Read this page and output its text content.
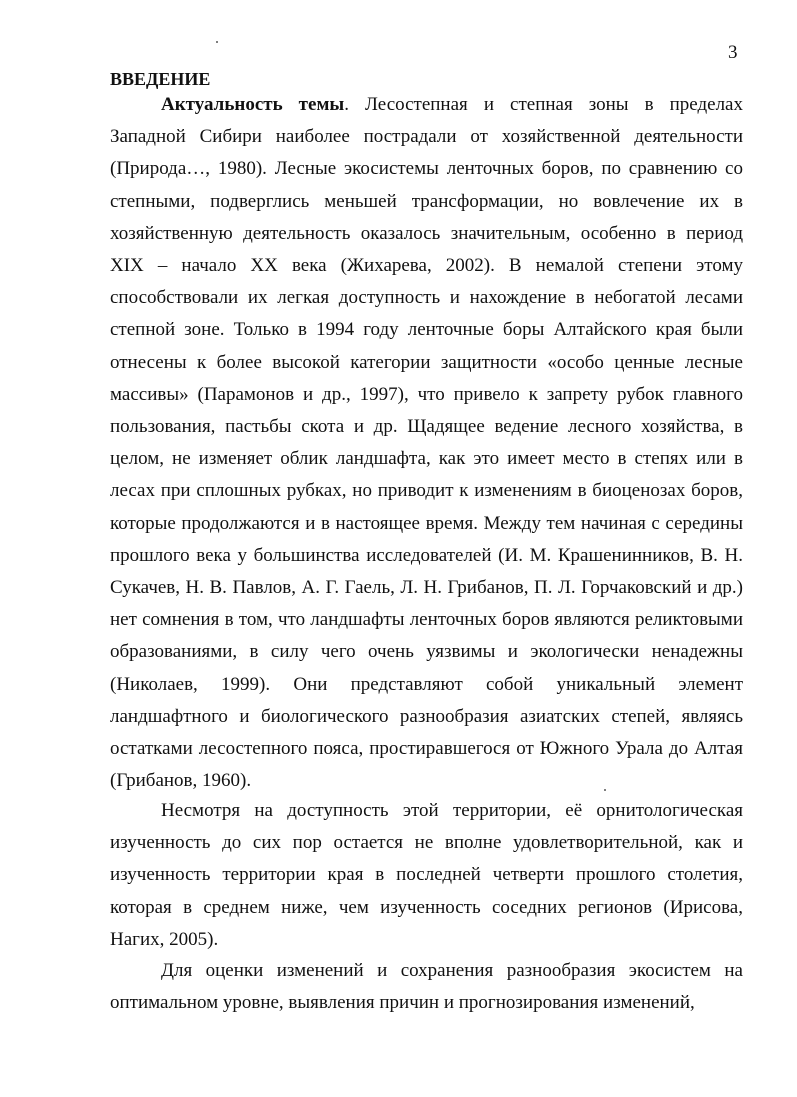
3
ВВЕДЕНИЕ

Актуальность темы. Лесостепная и степная зоны в пределах Западной Сибири наиболее пострадали от хозяйственной деятельности (Природа…, 1980). Лесные экосистемы ленточных боров, по сравнению со степными, подверглись меньшей трансформации, но вовлечение их в хозяйственную деятельность оказалось значительным, особенно в период XIX – начало XX века (Жихарева, 2002). В немалой степени этому способствовали их легкая доступность и нахождение в небогатой лесами степной зоне. Только в 1994 году ленточные боры Алтайского края были отнесены к более высокой категории защитности «особо ценные лесные массивы» (Парамонов и др., 1997), что привело к запрету рубок главного пользования, пастьбы скота и др. Щадящее ведение лесного хозяйства, в целом, не изменяет облик ландшафта, как это имеет место в степях или в лесах при сплошных рубках, но приводит к изменениям в биоценозах боров, которые продолжаются и в настоящее время. Между тем начиная с середины прошлого века у большинства исследователей (И. М. Крашенинников, В. Н. Сукачев, Н. В. Павлов, А. Г. Гаель, Л. Н. Грибанов, П. Л. Горчаковский и др.) нет сомнения в том, что ландшафты ленточных боров являются реликтовыми образованиями, в силу чего очень уязвимы и экологически ненадежны (Николаев, 1999). Они представляют собой уникальный элемент ландшафтного и биологического разнообразия азиатских степей, являясь остатками лесостепного пояса, простиравшегося от Южного Урала до Алтая (Грибанов, 1960).

Несмотря на доступность этой территории, её орнитологическая изученность до сих пор остается не вполне удовлетворительной, как и изученность территории края в последней четверти прошлого столетия, которая в среднем ниже, чем изученность соседних регионов (Ирисова, Нагих, 2005).

Для оценки изменений и сохранения разнообразия экосистем на оптимальном уровне, выявления причин и прогнозирования изменений,
